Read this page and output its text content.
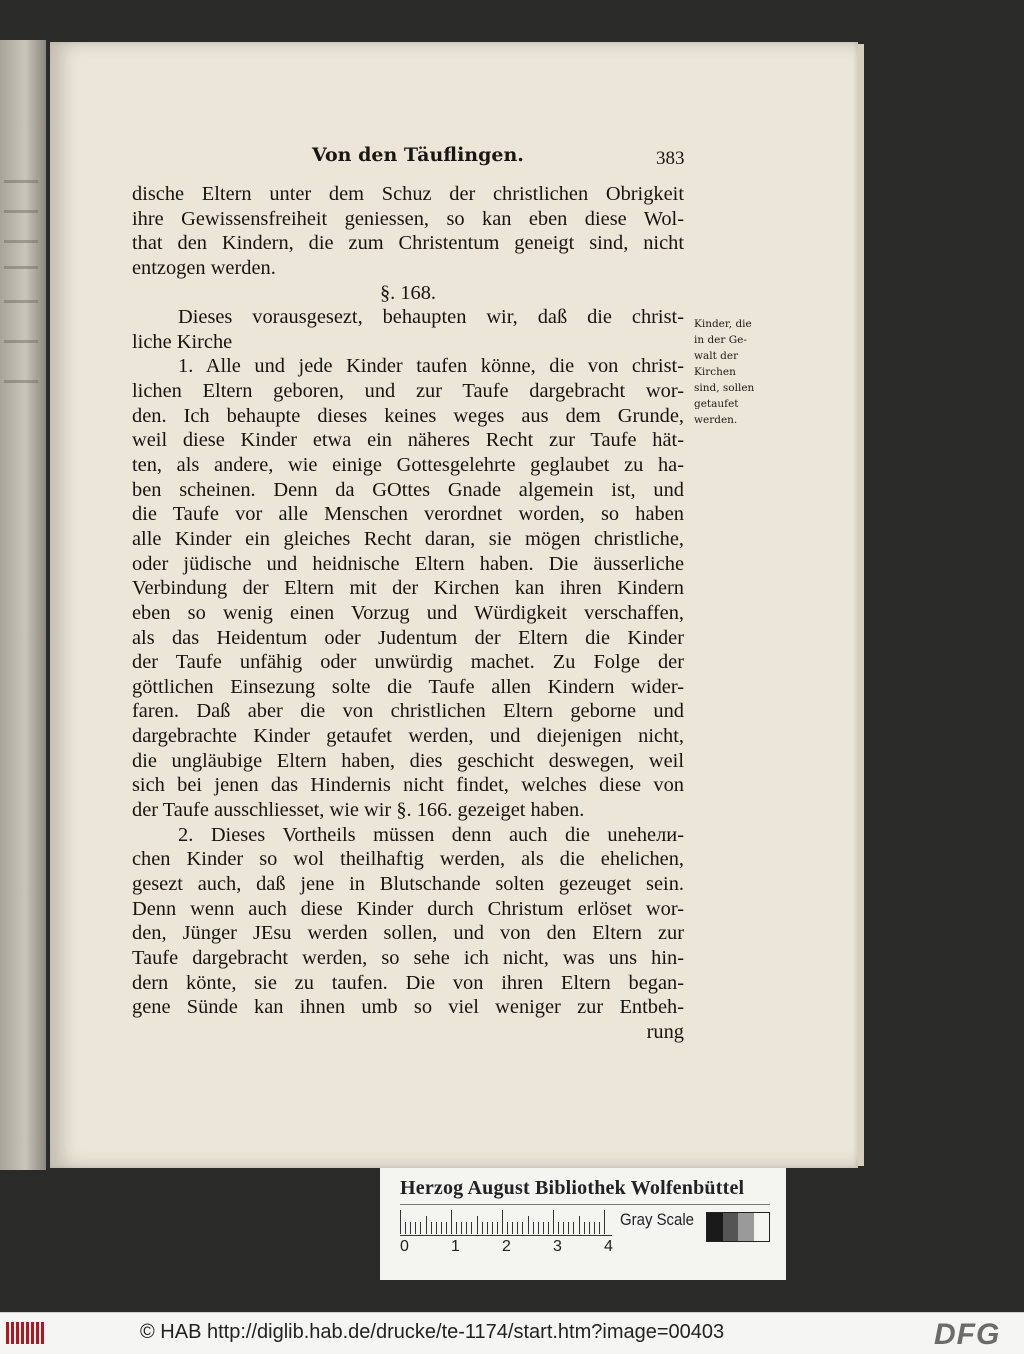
Von den Täuflingen.	383
dische Eltern unter dem Schuz der christlichen Obrigkeit
ihre Gewissensfreiheit geniessen, so kan eben diese Wol-
that den Kindern, die zum Christentum geneigt sind, nicht
entzogen werden.
§. 168.
Dieses vorausgesezt, behaupten wir, daß die christ-
liche Kirche
1. Alle und jede Kinder taufen könne, die von christ-
lichen Eltern geboren, und zur Taufe dargebracht wor-
den. Ich behaupte dieses keines weges aus dem Grunde,
weil diese Kinder etwa ein näheres Recht zur Taufe hät-
ten, als andere, wie einige Gottesgelehrte geglaubet zu ha-
ben scheinen. Denn da GOttes Gnade algemein ist, und
die Taufe vor alle Menschen verordnet worden, so haben
alle Kinder ein gleiches Recht daran, sie mögen christliche,
oder jüdische und heidnische Eltern haben. Die äusserliche
Verbindung der Eltern mit der Kirchen kan ihren Kindern
eben so wenig einen Vorzug und Würdigkeit verschaffen,
als das Heidentum oder Judentum der Eltern die Kinder
der Taufe unfähig oder unwürdig machet. Zu Folge der
göttlichen Einsezung solte die Taufe allen Kindern wider-
faren. Daß aber die von christlichen Eltern geborne und
dargebrachte Kinder getaufet werden, und diejenigen nicht,
die ungläubige Eltern haben, dies geschicht deswegen, weil
sich bei jenen das Hindernis nicht findet, welches diese von
der Taufe ausschliesset, wie wir §. 166. gezeiget haben.
2. Dieses Vortheils müssen denn auch die unehели-
chen Kinder so wol theilhaftig werden, als die ehelichen,
gesezt auch, daß jene in Blutschande solten gezeuget sein.
Denn wenn auch diese Kinder durch Christum erlöset wor-
den, Jünger JEsu werden sollen, und von den Eltern zur
Taufe dargebracht werden, so sehe ich nicht, was uns hin-
dern könte, sie zu taufen. Die von ihren Eltern began-
gene Sünde kan ihnen umb so viel weniger zur Entbeh-
rung
Kinder, die
in der Ge-
walt der
Kirchen
sind, sollen
getaufet
werden.
Herzog August Bibliothek Wolfenbüttel
0	1	2	3	4
Gray Scale
© HAB http://diglib.hab.de/drucke/te-1174/start.htm?image=00403	DFG
